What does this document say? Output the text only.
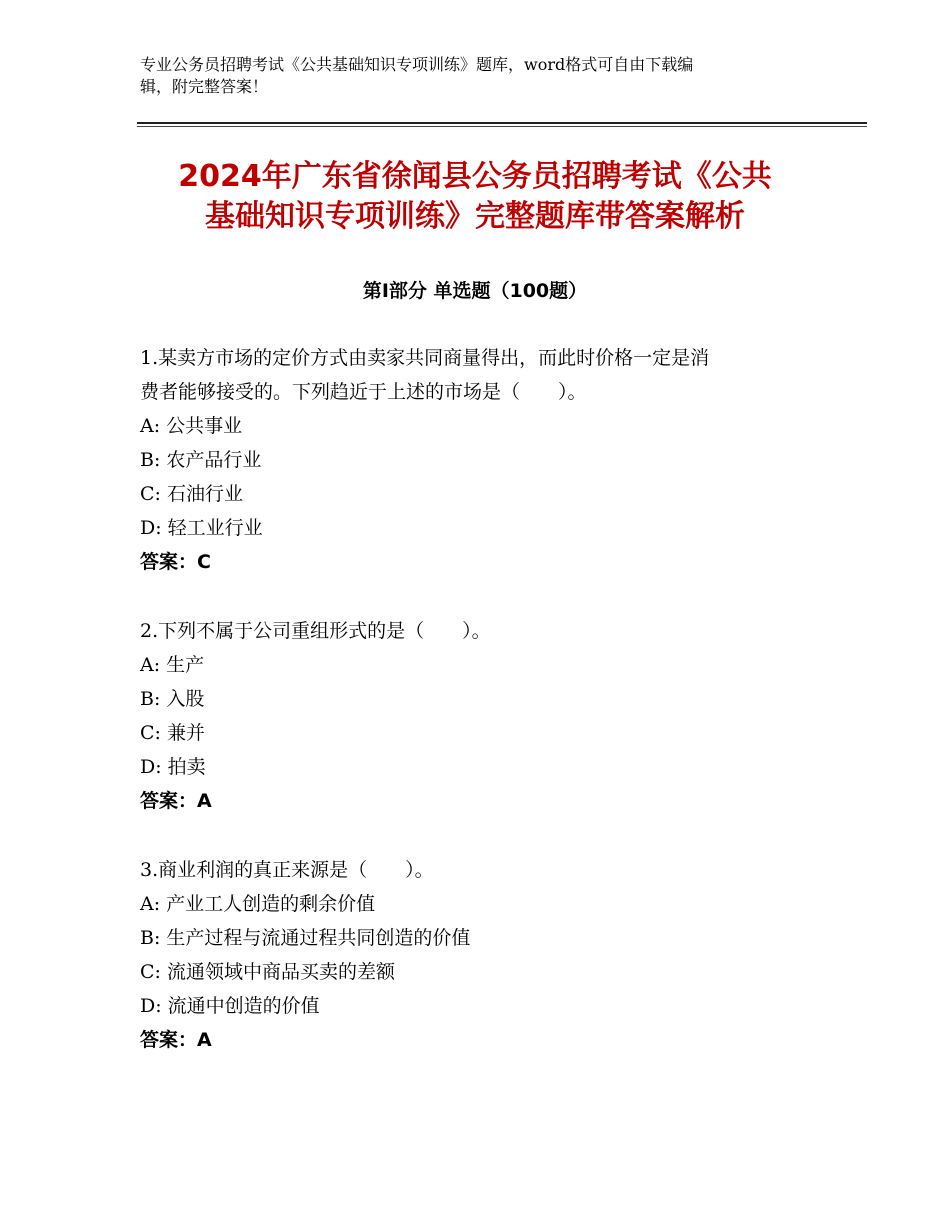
专业公务员招聘考试《公共基础知识专项训练》题库，word格式可自由下载编
辑，附完整答案！
2024年广东省徐闻县公务员招聘考试《公共
基础知识专项训练》完整题库带答案解析
第Ⅰ部分 单选题（100题）
1.某卖方市场的定价方式由卖家共同商量得出，而此时价格一定是消
费者能够接受的。下列趋近于上述的市场是（　　）。
A: 公共事业
B: 农产品行业
C: 石油行业
D: 轻工业行业
答案：C
2.下列不属于公司重组形式的是（　　）。
A: 生产
B: 入股
C: 兼并
D: 拍卖
答案：A
3.商业利润的真正来源是（　　）。
A: 产业工人创造的剩余价值
B: 生产过程与流通过程共同创造的价值
C: 流通领域中商品买卖的差额
D: 流通中创造的价值
答案：A
